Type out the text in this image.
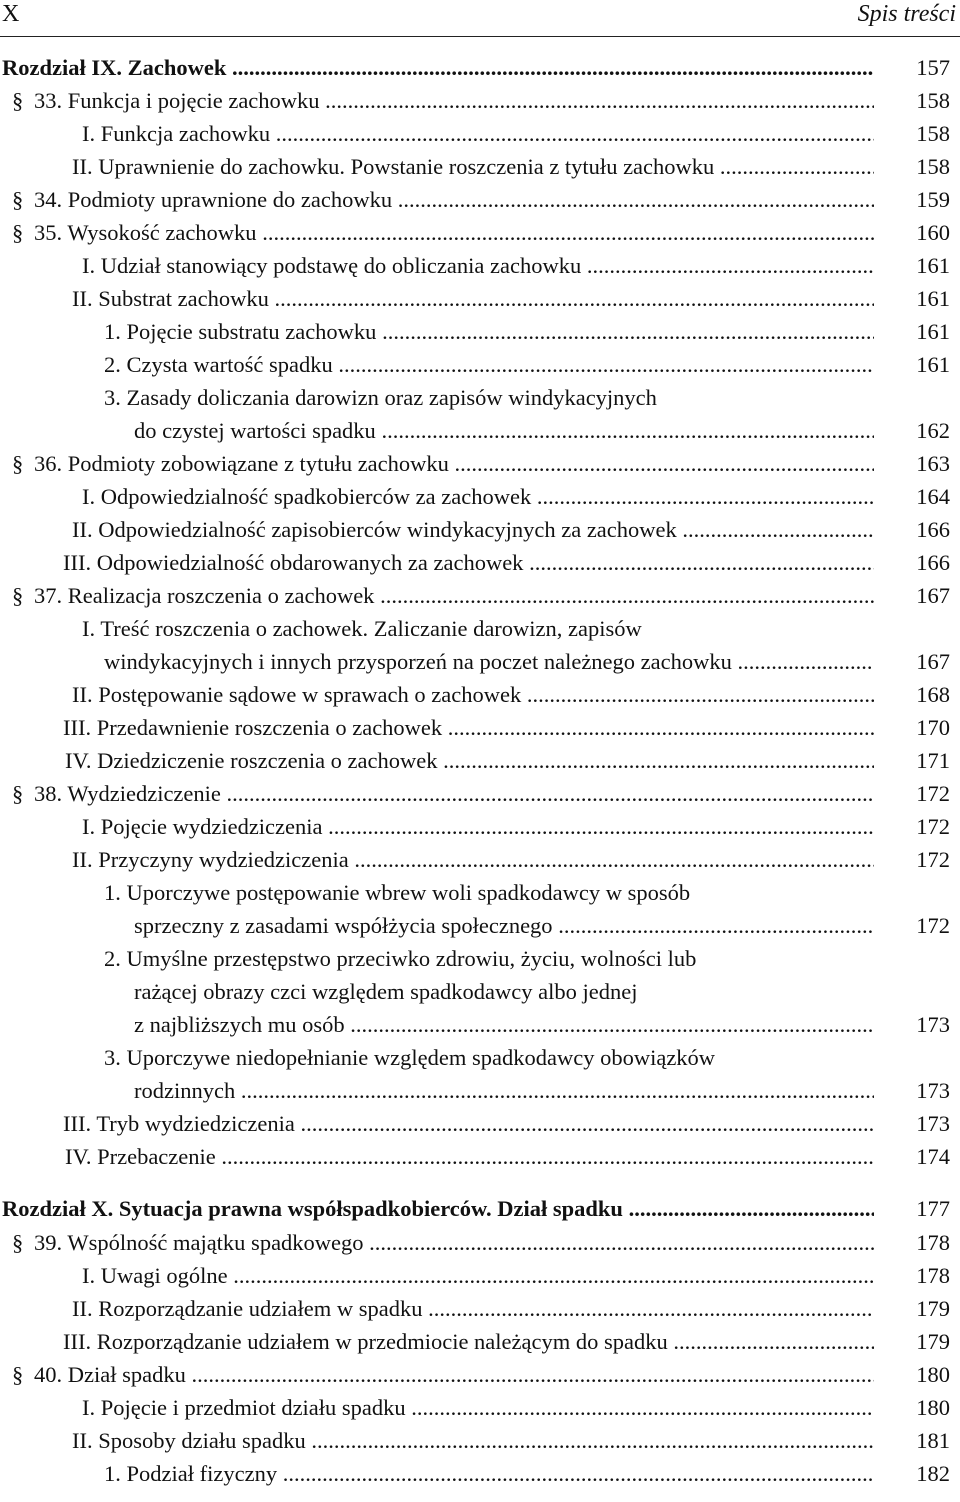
X	Spis treści
Rozdział IX. Zachowek .....	157
§ 33. Funkcja i pojęcie zachowku .....	158
I. Funkcja zachowku .....	158
II. Uprawnienie do zachowku. Powstanie roszczenia z tytułu zachowku .....	158
§ 34. Podmioty uprawnione do zachowku .....	159
§ 35. Wysokość zachowku .....	160
I. Udział stanowiący podstawę do obliczania zachowku .....	161
II. Substrat zachowku .....	161
1. Pojęcie substratu zachowku .....	161
2. Czysta wartość spadku .....	161
3. Zasady doliczania darowizn oraz zapisów windykacyjnych
do czystej wartości spadku .....	162
§ 36. Podmioty zobowiązane z tytułu zachowku .....	163
I. Odpowiedzialność spadkobierców za zachowek .....	164
II. Odpowiedzialność zapisobierców windykacyjnych za zachowek .....	166
III. Odpowiedzialność obdarowanych za zachowek .....	166
§ 37. Realizacja roszczenia o zachowek .....	167
I. Treść roszczenia o zachowek. Zaliczanie darowizn, zapisów
windykacyjnych i innych przysporzeń na poczet należnego zachowku .....	167
II. Postępowanie sądowe w sprawach o zachowek .....	168
III. Przedawnienie roszczenia o zachowek .....	170
IV. Dziedziczenie roszczenia o zachowek .....	171
§ 38. Wydziedziczenie .....	172
I. Pojęcie wydziedziczenia .....	172
II. Przyczyny wydziedziczenia .....	172
1. Uporczywe postępowanie wbrew woli spadkodawcy w sposób
sprzeczny z zasadami współżycia społecznego .....	172
2. Umyślne przestępstwo przeciwko zdrowiu, życiu, wolności lub
rażącej obrazy czci względem spadkodawcy albo jednej
z najbliższych mu osób .....	173
3. Uporczywe niedopełnianie względem spadkodawcy obowiązków
rodzinnych .....	173
III. Tryb wydziedziczenia .....	173
IV. Przebaczenie .....	174
Rozdział X. Sytuacja prawna współspadkobierców. Dział spadku .....	177
§ 39. Wspólność majątku spadkowego .....	178
I. Uwagi ogólne .....	178
II. Rozporządzanie udziałem w spadku .....	179
III. Rozporządzanie udziałem w przedmiocie należącym do spadku .....	179
§ 40. Dział spadku .....	180
I. Pojęcie i przedmiot działu spadku .....	180
II. Sposoby działu spadku .....	181
1. Podział fizyczny .....	182
